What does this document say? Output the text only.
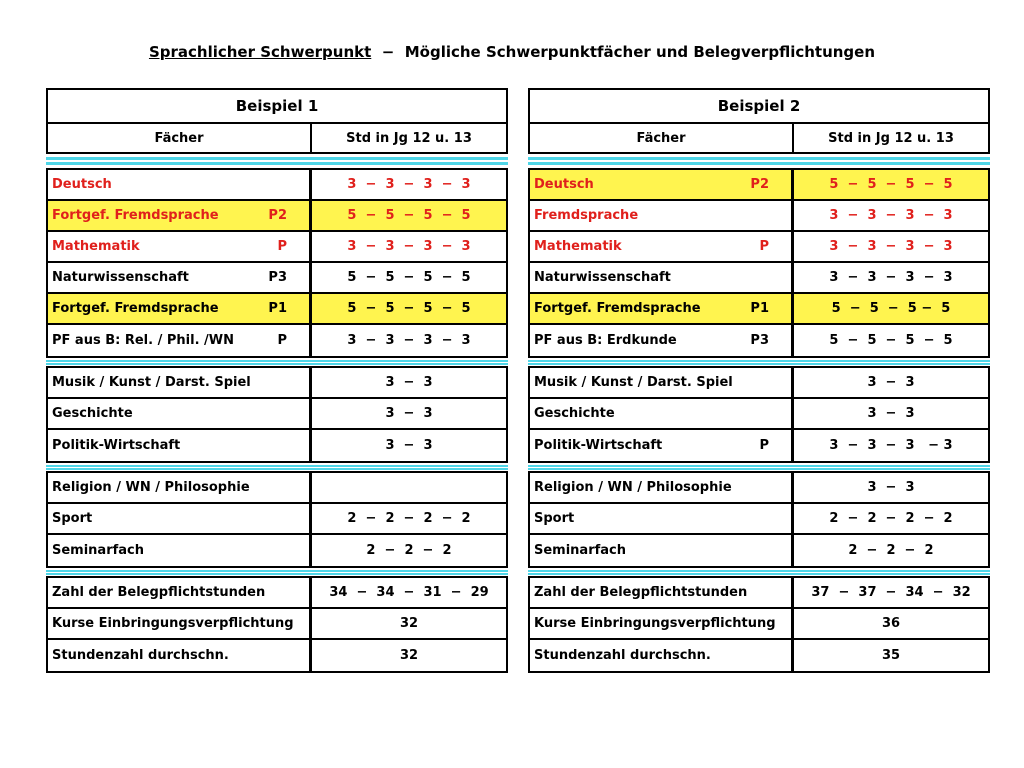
Sprachlicher Schwerpunkt  −  Mögliche Schwerpunktfächer und Belegverpflichtungen
Beispiel 1
Fächer	Std in Jg 12 u. 13
Deutsch	3  −  3  −  3  −  3
Fortgef. Fremdsprache	P2	5  −  5  −  5  −  5
Mathematik	P	3  −  3  −  3  −  3
Naturwissenschaft	P3	5  −  5  −  5  −  5
Fortgef. Fremdsprache	P1	5  −  5  −  5  −  5
PF aus B: Rel. / Phil. /WN	P	3  −  3  −  3  −  3
Musik / Kunst / Darst. Spiel	3  −  3
Geschichte	3  −  3
Politik-Wirtschaft	3  −  3
Religion / WN / Philosophie
Sport	2  −  2  −  2  −  2
Seminarfach	2  −  2  −  2
Zahl der Belegpflichtstunden	34  −  34  −  31  −  29
Kurse Einbringungsverpflichtung	32
Stundenzahl durchschn.	32
Beispiel 2
Fächer	Std in Jg 12 u. 13
Deutsch	P2	5  −  5  −  5  −  5
Fremdsprache	3  −  3  −  3  −  3
Mathematik	P	3  −  3  −  3  −  3
Naturwissenschaft	3  −  3  −  3  −  3
Fortgef. Fremdsprache	P1	5  −  5  −  5 −  5
PF aus B: Erdkunde	P3	5  −  5  −  5  −  5
Musik / Kunst / Darst. Spiel	3  −  3
Geschichte	3  −  3
Politik-Wirtschaft	P	3  −  3  −  3   − 3
Religion / WN / Philosophie	3  −  3
Sport	2  −  2  −  2  −  2
Seminarfach	2  −  2  −  2
Zahl der Belegpflichtstunden	37  −  37  −  34  −  32
Kurse Einbringungsverpflichtung	36
Stundenzahl durchschn.	35
